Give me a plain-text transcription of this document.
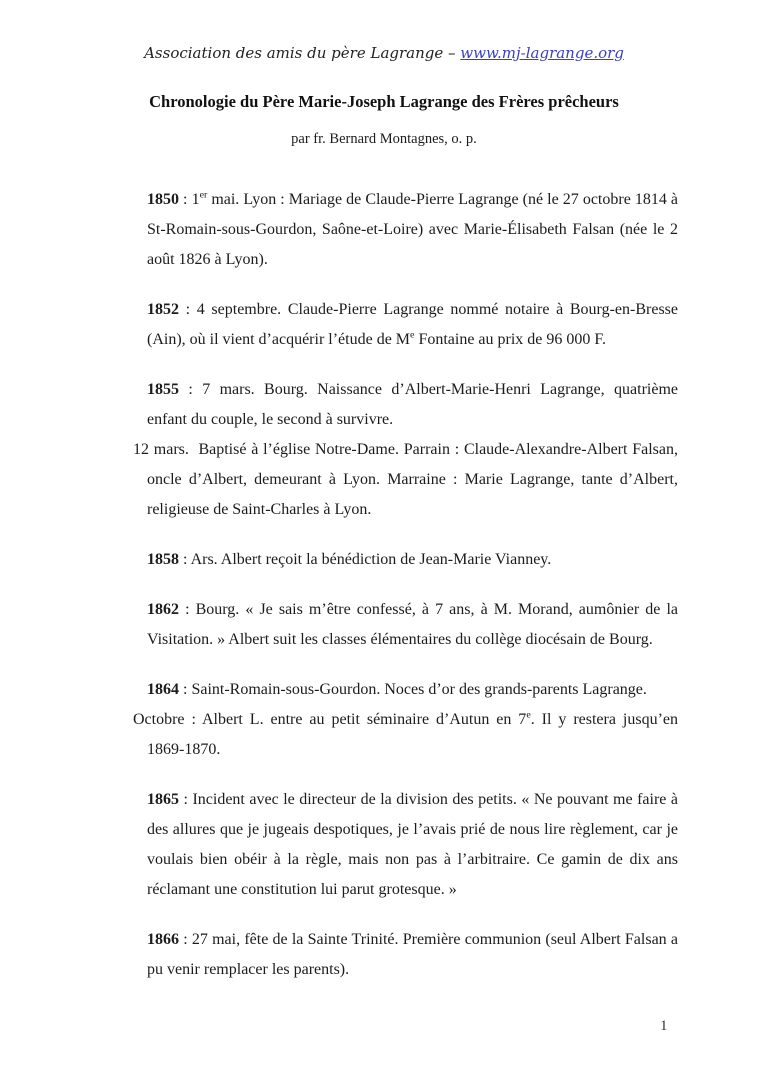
Association des amis du père Lagrange – www.mj-lagrange.org
Chronologie du Père Marie-Joseph Lagrange des Frères prêcheurs
par fr. Bernard Montagnes, o. p.

1850 : 1er mai. Lyon : Mariage de Claude-Pierre Lagrange (né le 27 octobre 1814 à St-Romain-sous-Gourdon, Saône-et-Loire) avec Marie-Élisabeth Falsan (née le 2 août 1826 à Lyon).

1852 : 4 septembre. Claude-Pierre Lagrange nommé notaire à Bourg-en-Bresse (Ain), où il vient d’acquérir l’étude de Me Fontaine au prix de 96 000 F.

1855 : 7 mars. Bourg. Naissance d’Albert-Marie-Henri Lagrange, quatrième enfant du couple, le second à survivre.

12 mars.  Baptisé à l’église Notre-Dame. Parrain : Claude-Alexandre-Albert Falsan, oncle d’Albert, demeurant à Lyon. Marraine : Marie Lagrange, tante d’Albert, religieuse de Saint-Charles à Lyon.

1858 : Ars. Albert reçoit la bénédiction de Jean-Marie Vianney.

1862 : Bourg. « Je sais m’être confessé, à 7 ans, à M. Morand, aumônier de la Visitation. » Albert suit les classes élémentaires du collège diocésain de Bourg.

1864 : Saint-Romain-sous-Gourdon. Noces d’or des grands-parents Lagrange.

Octobre : Albert L. entre au petit séminaire d’Autun en 7e. Il y restera jusqu’en 1869-1870.

1865 : Incident avec le directeur de la division des petits. « Ne pouvant me faire à des allures que je jugeais despotiques, je l’avais prié de nous lire règlement, car je voulais bien obéir à la règle, mais non pas à l’arbitraire. Ce gamin de dix ans réclamant une constitution lui parut grotesque. »

1866 : 27 mai, fête de la Sainte Trinité. Première communion (seul Albert Falsan a pu venir remplacer les parents).

1
